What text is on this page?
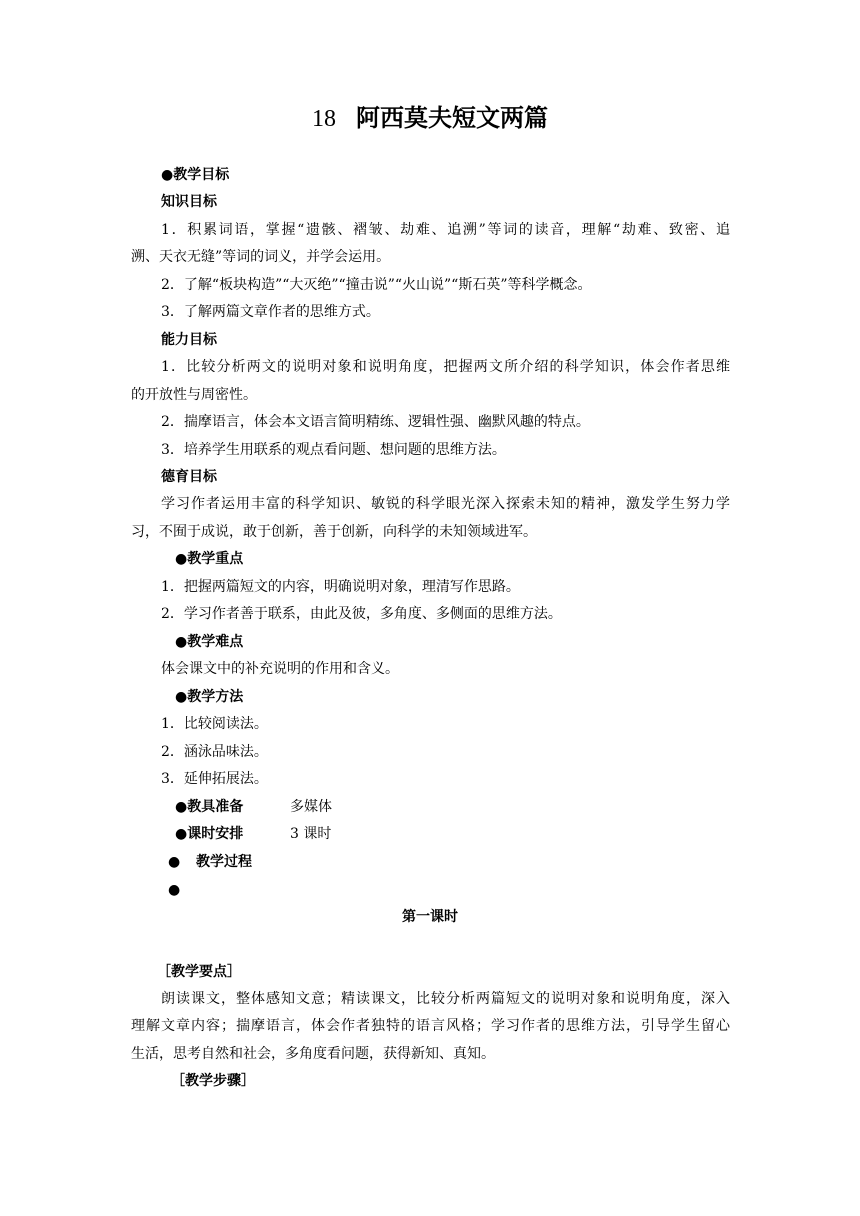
18 阿西莫夫短文两篇
●教学目标
知识目标
1．积累词语，掌握“遗骸、褶皱、劫难、追溯”等词的读音，理解“劫难、致密、追
溯、天衣无缝”等词的词义，并学会运用。
2．了解“板块构造”“大灭绝”“撞击说”“火山说”“斯石英”等科学概念。
3．了解两篇文章作者的思维方式。
能力目标
1．比较分析两文的说明对象和说明角度，把握两文所介绍的科学知识，体会作者思维
的开放性与周密性。
2．揣摩语言，体会本文语言简明精练、逻辑性强、幽默风趣的特点。
3．培养学生用联系的观点看问题、想问题的思维方法。
德育目标
学习作者运用丰富的科学知识、敏锐的科学眼光深入探索未知的精神，激发学生努力学
习，不囿于成说，敢于创新，善于创新，向科学的未知领域进军。
●教学重点
1．把握两篇短文的内容，明确说明对象，理清写作思路。
2．学习作者善于联系，由此及彼，多角度、多侧面的思维方法。
●教学难点
体会课文中的补充说明的作用和含义。
●教学方法
1．比较阅读法。
2．涵泳品味法。
3．延伸拓展法。
●教具准备	多媒体
●课时安排	3 课时
● 教学过程
●
第一课时
［教学要点］
朗读课文，整体感知文意；精读课文，比较分析两篇短文的说明对象和说明角度，深入
理解文章内容；揣摩语言，体会作者独特的语言风格；学习作者的思维方法，引导学生留心
生活，思考自然和社会，多角度看问题，获得新知、真知。
［教学步骤］
